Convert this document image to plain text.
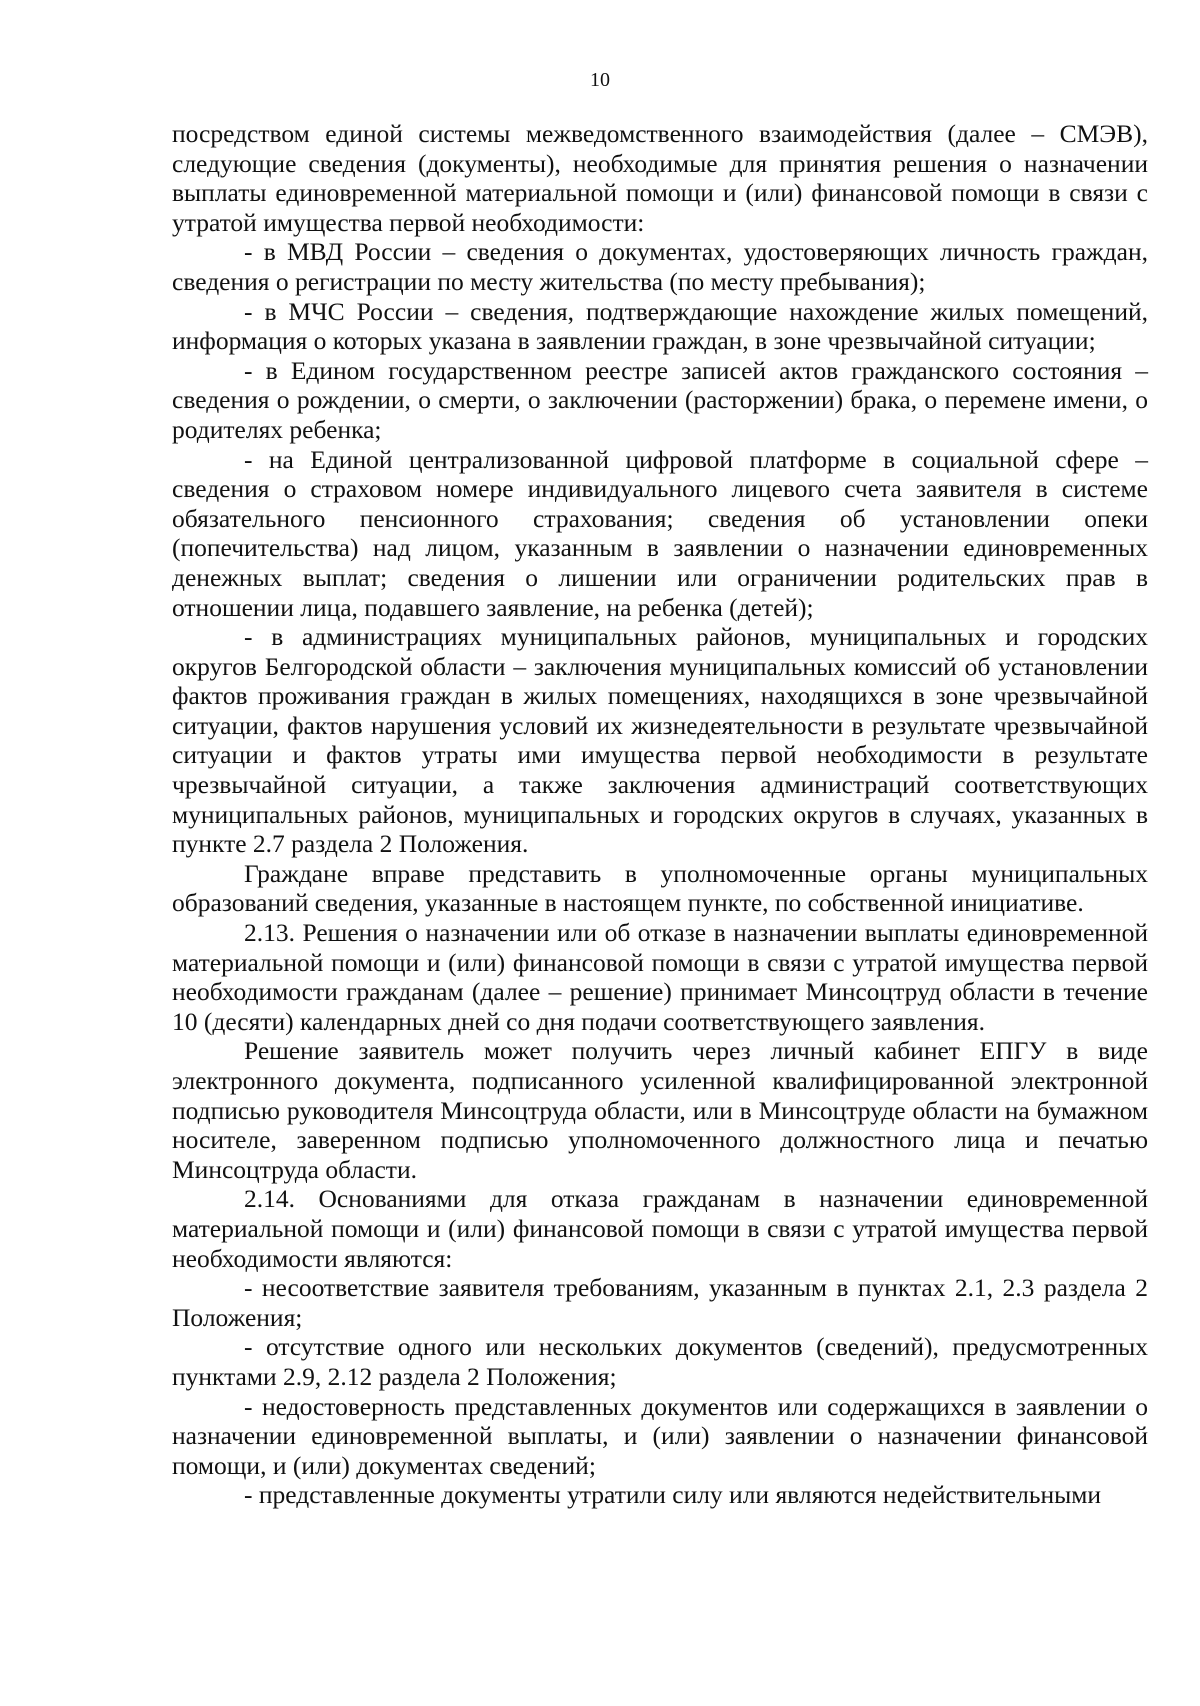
10

посредством единой системы межведомственного взаимодействия (далее – СМЭВ), следующие сведения (документы), необходимые для принятия решения о назначении выплаты единовременной материальной помощи и (или) финансовой помощи в связи с утратой имущества первой необходимости:

- в МВД России – сведения о документах, удостоверяющих личность граждан, сведения о регистрации по месту жительства (по месту пребывания);

- в МЧС России – сведения, подтверждающие нахождение жилых помещений, информация о которых указана в заявлении граждан, в зоне чрезвычайной ситуации;

- в Едином государственном реестре записей актов гражданского состояния – сведения о рождении, о смерти, о заключении (расторжении) брака, о перемене имени, о родителях ребенка;

- на Единой централизованной цифровой платформе в социальной сфере – сведения о страховом номере индивидуального лицевого счета заявителя в системе обязательного пенсионного страхования; сведения об установлении опеки (попечительства) над лицом, указанным в заявлении о назначении единовременных денежных выплат; сведения о лишении или ограничении родительских прав в отношении лица, подавшего заявление, на ребенка (детей);

- в администрациях муниципальных районов, муниципальных и городских округов Белгородской области – заключения муниципальных комиссий об установлении фактов проживания граждан в жилых помещениях, находящихся в зоне чрезвычайной ситуации, фактов нарушения условий их жизнедеятельности в результате чрезвычайной ситуации и фактов утраты ими имущества первой необходимости в результате чрезвычайной ситуации, а также заключения администраций соответствующих муниципальных районов, муниципальных и городских округов в случаях, указанных в пункте 2.7 раздела 2 Положения.

Граждане вправе представить в уполномоченные органы муниципальных образований сведения, указанные в настоящем пункте, по собственной инициативе.

2.13. Решения о назначении или об отказе в назначении выплаты единовременной материальной помощи и (или) финансовой помощи в связи с утратой имущества первой необходимости гражданам (далее – решение) принимает Минсоцтруд области в течение 10 (десяти) календарных дней со дня подачи соответствующего заявления.

Решение заявитель может получить через личный кабинет ЕПГУ в виде электронного документа, подписанного усиленной квалифицированной электронной подписью руководителя Минсоцтруда области, или в Минсоцтруде области на бумажном носителе, заверенном подписью уполномоченного должностного лица и печатью Минсоцтруда области.

2.14. Основаниями для отказа гражданам в назначении единовременной материальной помощи и (или) финансовой помощи в связи с утратой имущества первой необходимости являются:

- несоответствие заявителя требованиям, указанным в пунктах 2.1, 2.3 раздела 2 Положения;

- отсутствие одного или нескольких документов (сведений), предусмотренных пунктами 2.9, 2.12 раздела 2 Положения;

- недостоверность представленных документов или содержащихся в заявлении о назначении единовременной выплаты, и (или) заявлении о назначении финансовой помощи, и (или) документах сведений;

- представленные документы утратили силу или являются недействительными
